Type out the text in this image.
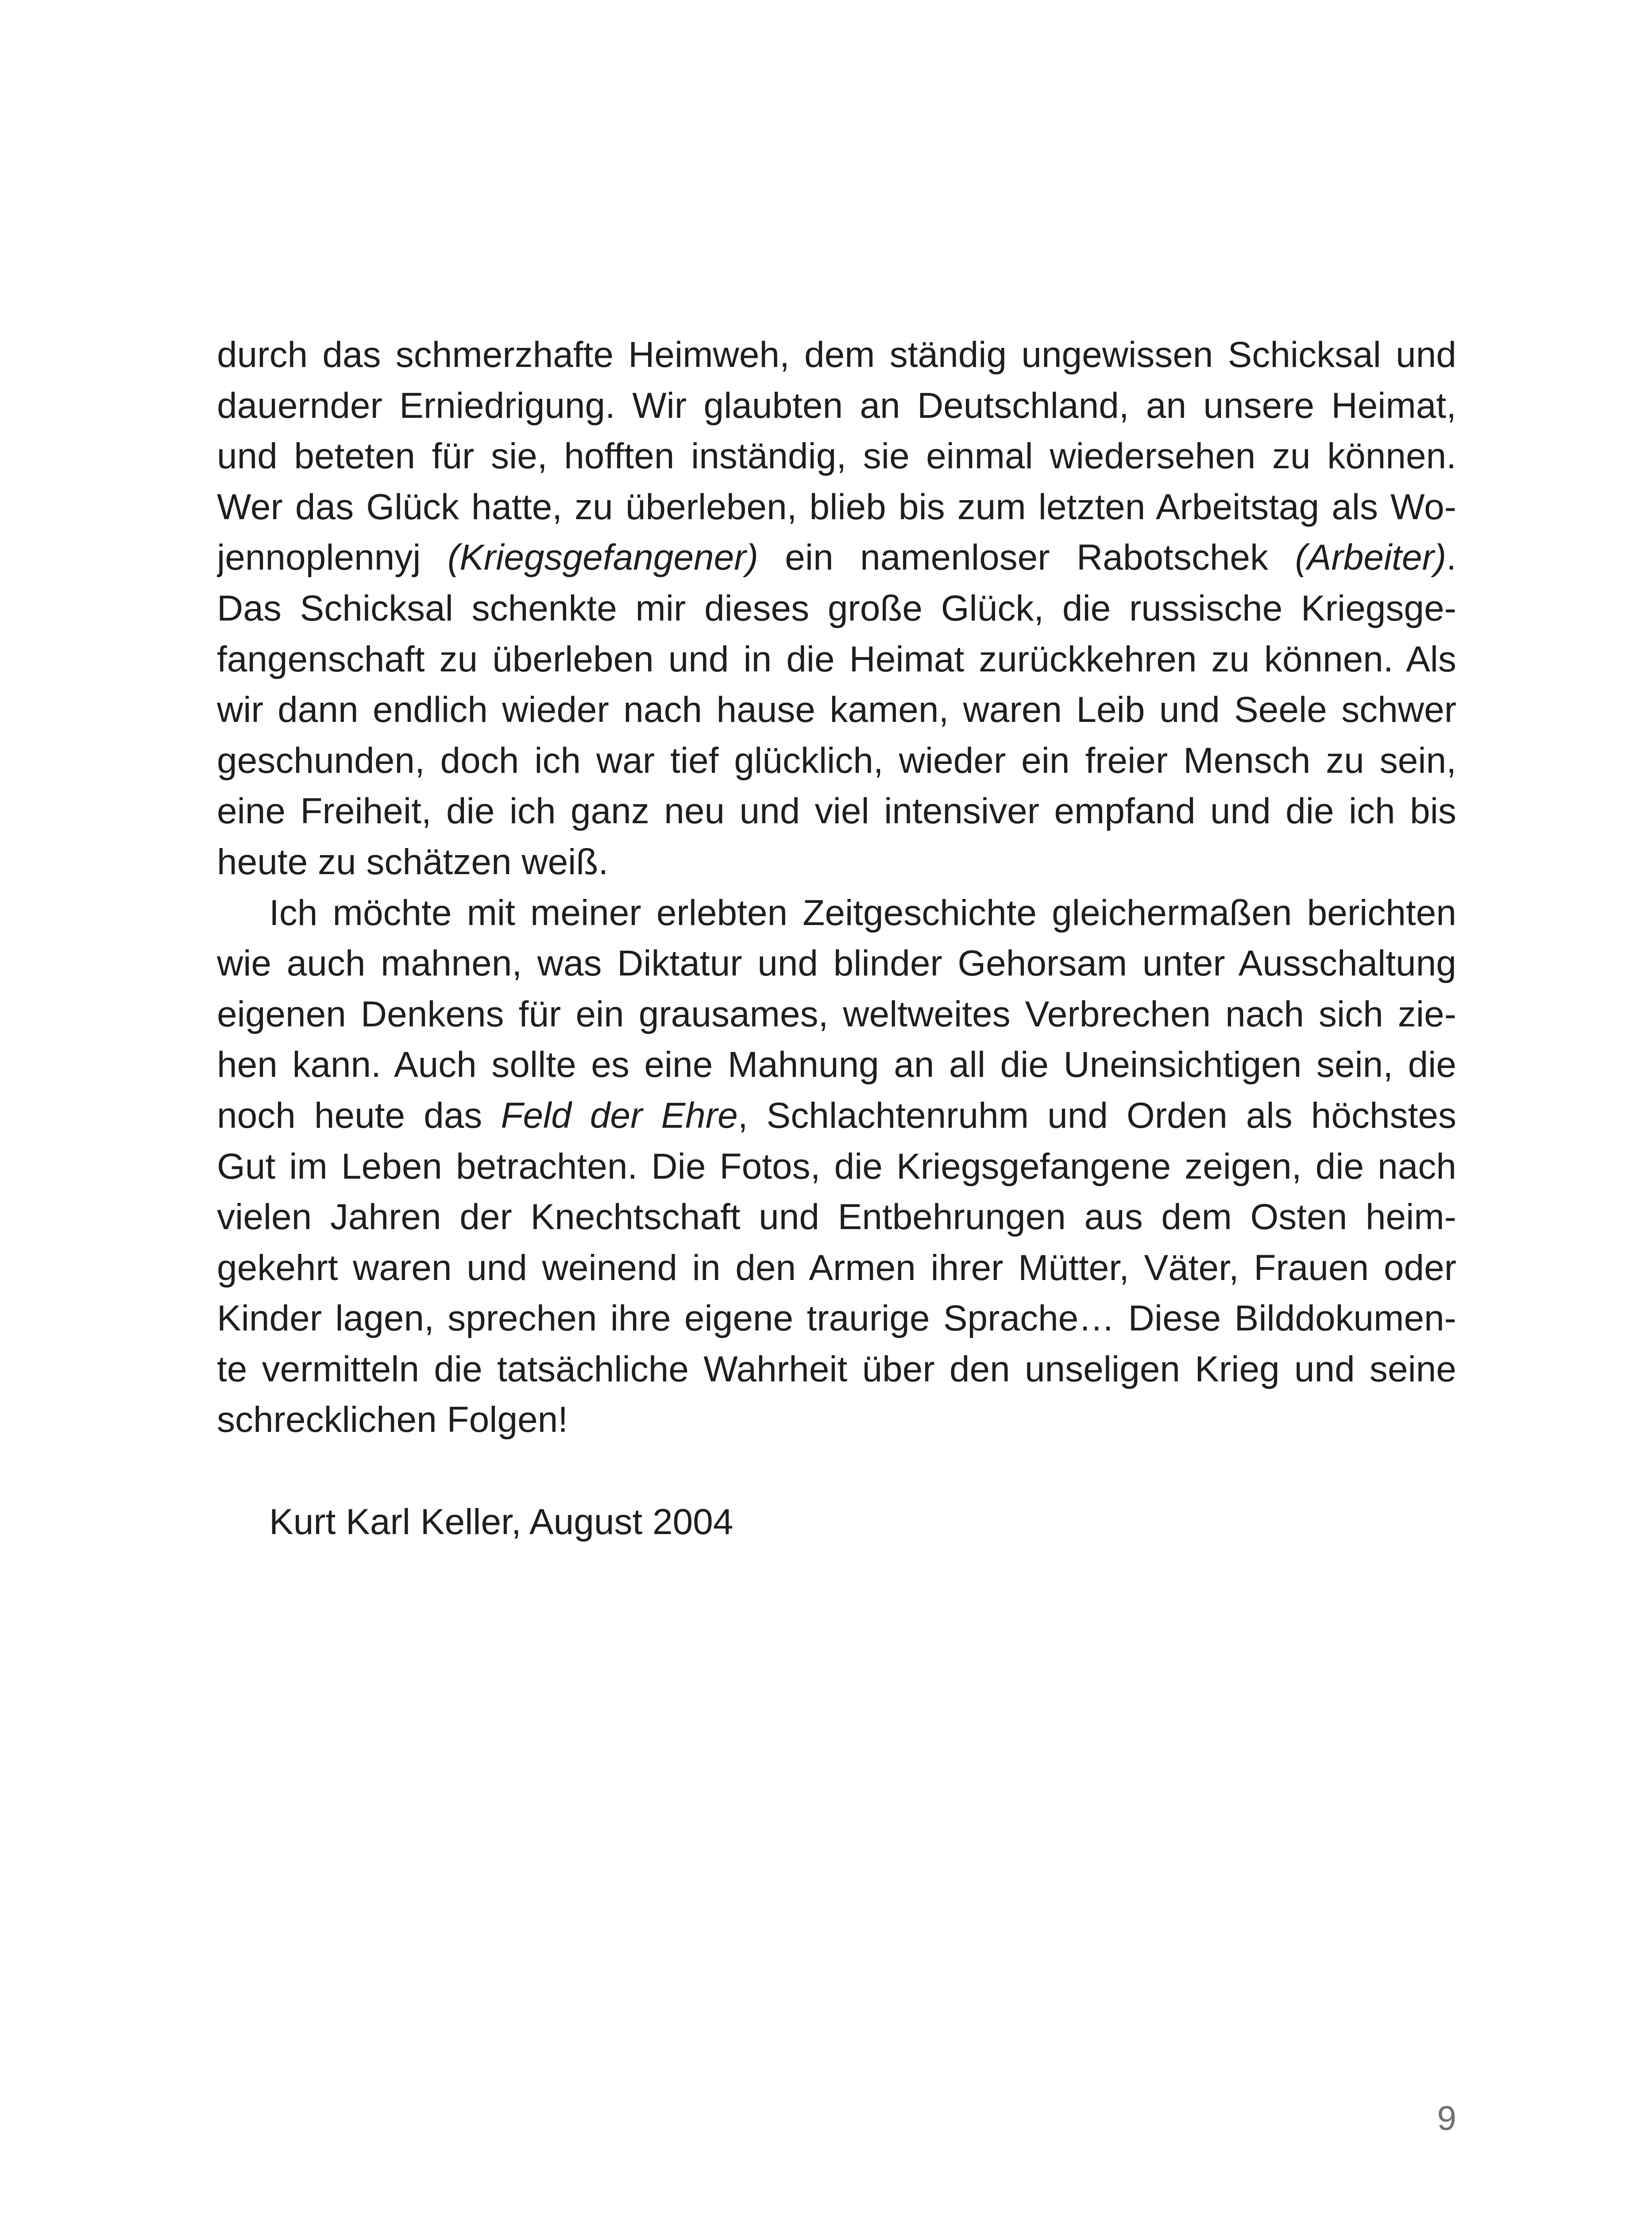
durch das schmerzhafte Heimweh, dem ständig ungewissen Schicksal und
dauernder Erniedrigung. Wir glaubten an Deutschland, an unsere Heimat,
und beteten für sie, hofften inständig, sie einmal wiedersehen zu können.
Wer das Glück hatte, zu überleben, blieb bis zum letzten Arbeitstag als Wo-
jennoplennyj (Kriegsgefangener) ein namenloser Rabotschek (Arbeiter).
Das Schicksal schenkte mir dieses große Glück, die russische Kriegsge-
fangenschaft zu überleben und in die Heimat zurückkehren zu können. Als
wir dann endlich wieder nach hause kamen, waren Leib und Seele schwer
geschunden, doch ich war tief glücklich, wieder ein freier Mensch zu sein,
eine Freiheit, die ich ganz neu und viel intensiver empfand und die ich bis
heute zu schätzen weiß.
Ich möchte mit meiner erlebten Zeitgeschichte gleichermaßen berichten
wie auch mahnen, was Diktatur und blinder Gehorsam unter Ausschaltung
eigenen Denkens für ein grausames, weltweites Verbrechen nach sich zie-
hen kann. Auch sollte es eine Mahnung an all die Uneinsichtigen sein, die
noch heute das Feld der Ehre, Schlachtenruhm und Orden als höchstes
Gut im Leben betrachten. Die Fotos, die Kriegsgefangene zeigen, die nach
vielen Jahren der Knechtschaft und Entbehrungen aus dem Osten heim-
gekehrt waren und weinend in den Armen ihrer Mütter, Väter, Frauen oder
Kinder lagen, sprechen ihre eigene traurige Sprache… Diese Bilddokumen-
te vermitteln die tatsächliche Wahrheit über den unseligen Krieg und seine
schrecklichen Folgen!
Kurt Karl Keller, August 2004
9
